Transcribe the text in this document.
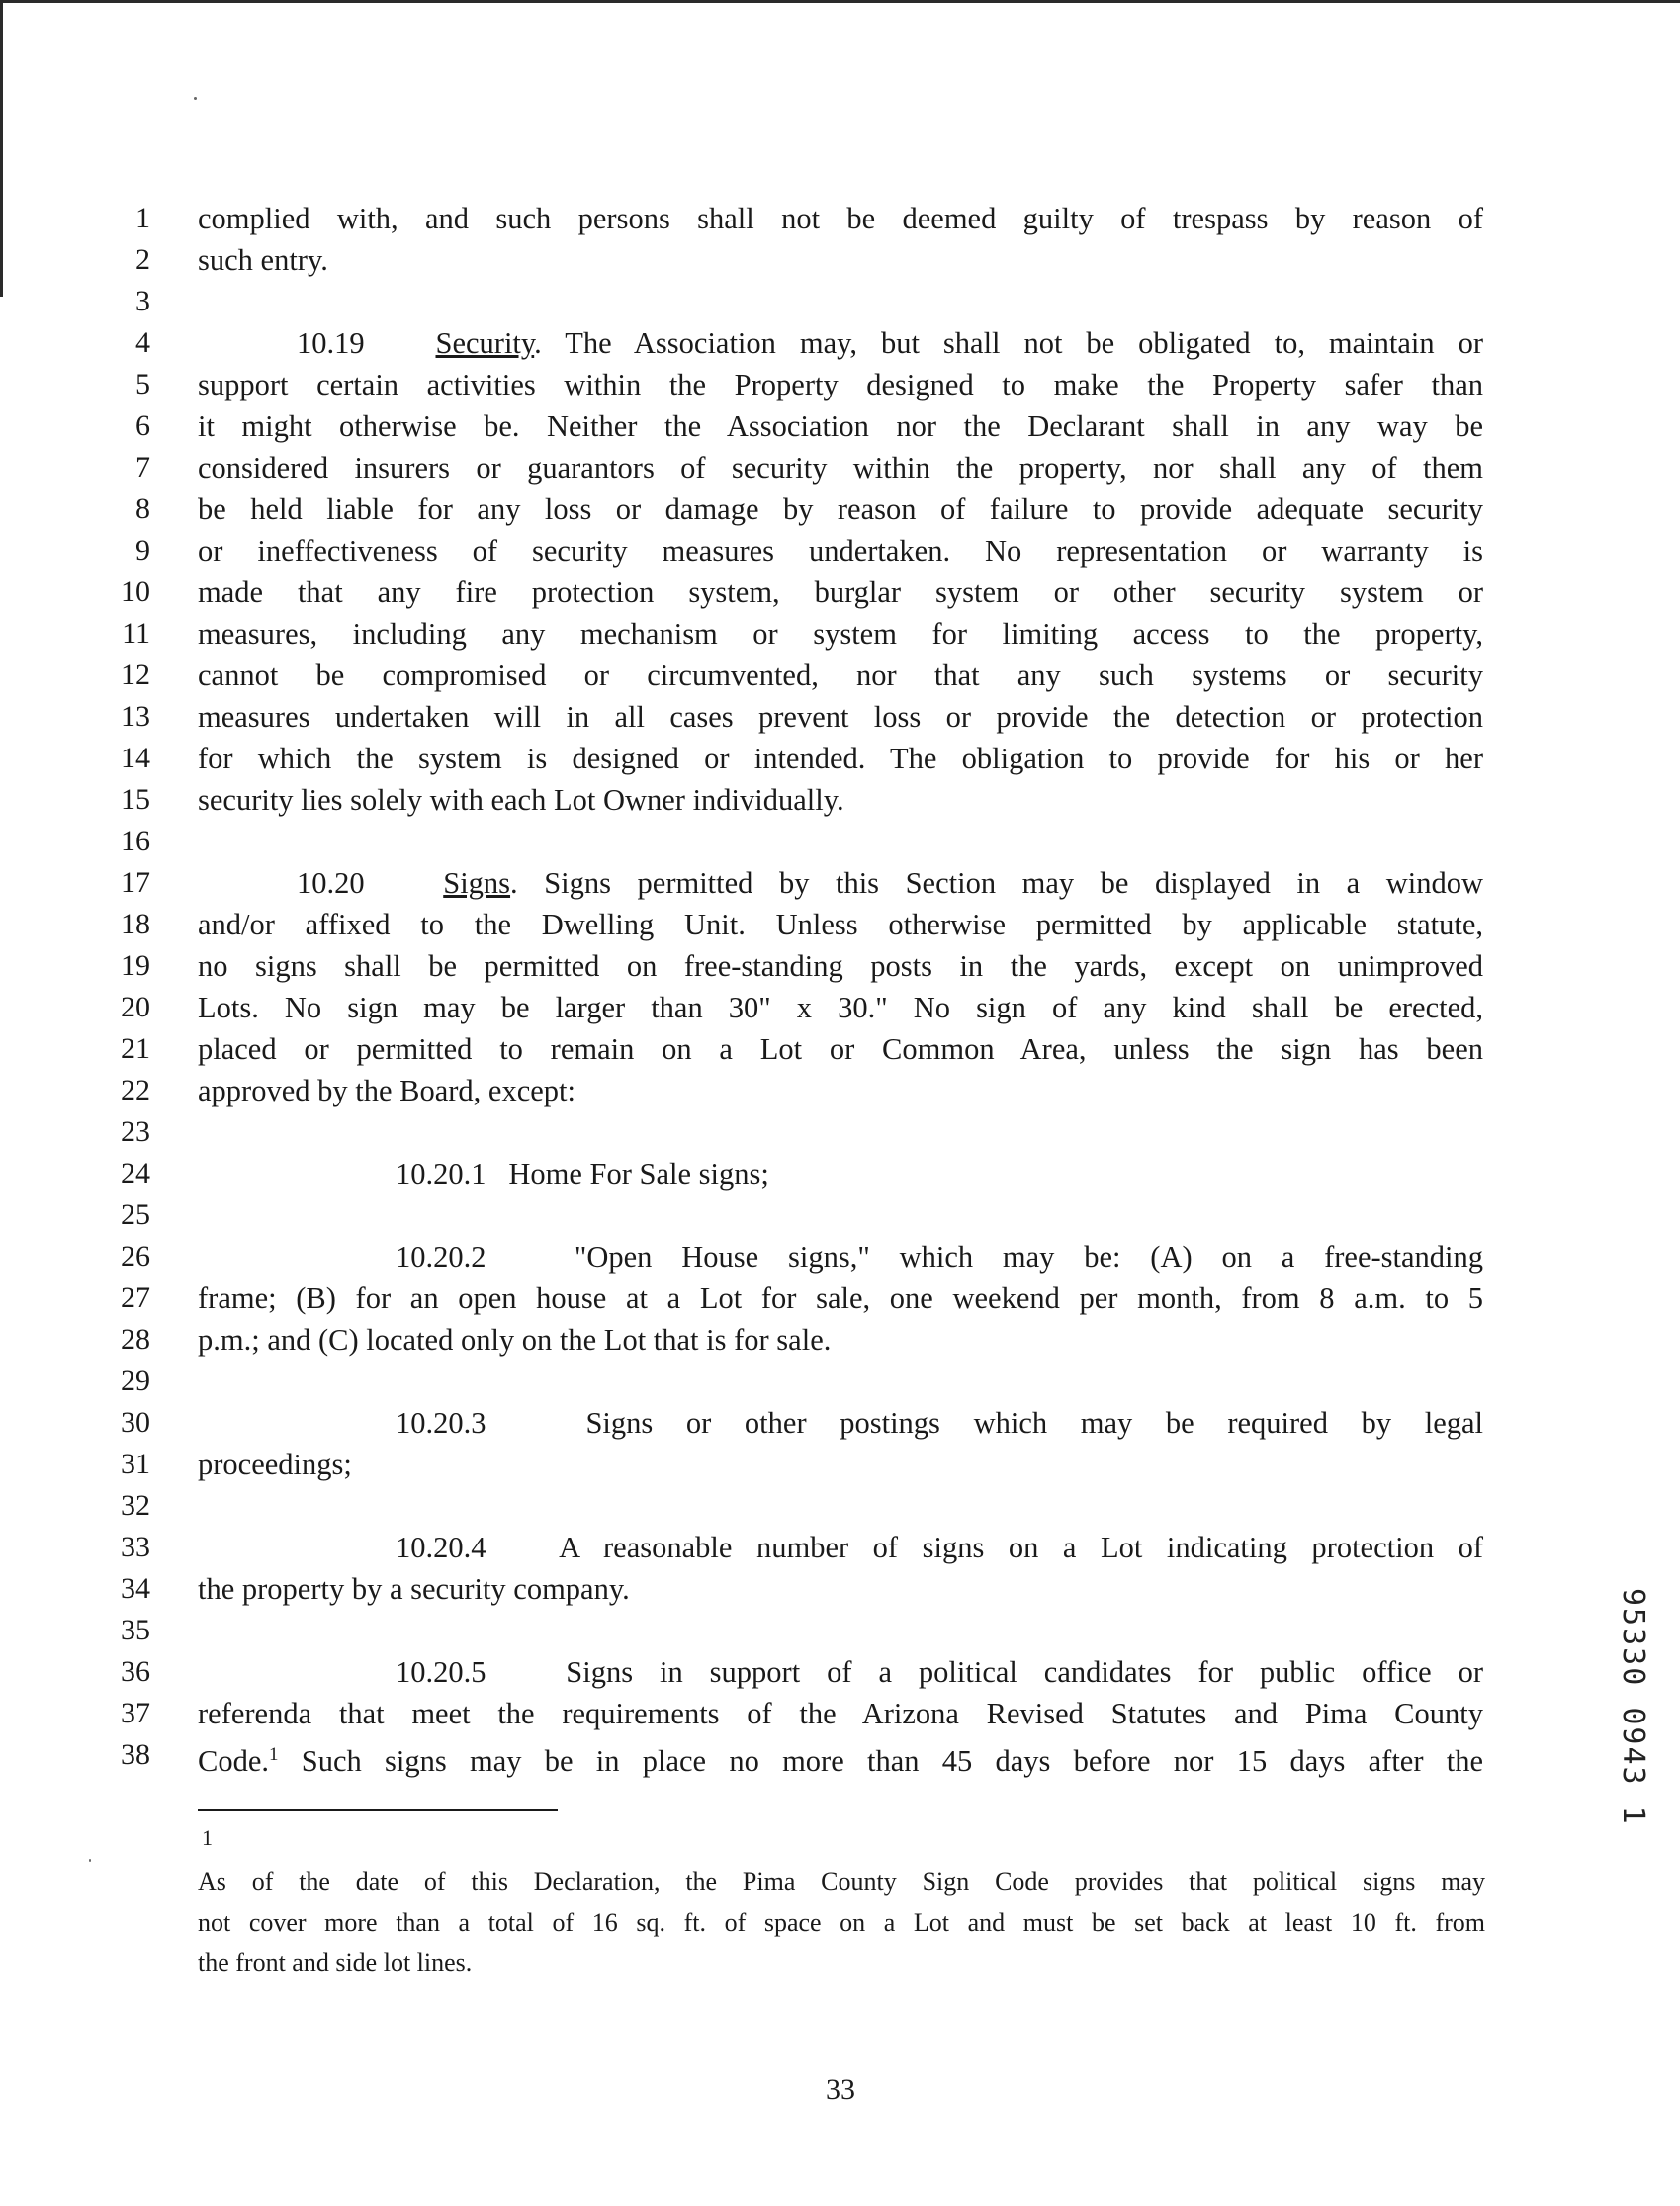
1
2
3
4
5
6
7
8
9
10
11
12
13
14
15
16
17
18
19
20
21
22
23
24
25
26
27
28
29
30
31
32
33
34
35
36
37
38
complied with, and such persons shall not be deemed guilty of trespass by reason of
such entry.
10.19 Security. The Association may, but shall not be obligated to, maintain or
support certain activities within the Property designed to make the Property safer than
it might otherwise be. Neither the Association nor the Declarant shall in any way be
considered insurers or guarantors of security within the property, nor shall any of them
be held liable for any loss or damage by reason of failure to provide adequate security
or ineffectiveness of security measures undertaken. No representation or warranty is
made that any fire protection system, burglar system or other security system or
measures, including any mechanism or system for limiting access to the property,
cannot be compromised or circumvented, nor that any such systems or security
measures undertaken will in all cases prevent loss or provide the detection or protection
for which the system is designed or intended. The obligation to provide for his or her
security lies solely with each Lot Owner individually.
10.20	Signs. Signs permitted by this Section may be displayed in a window
and/or affixed to the Dwelling Unit. Unless otherwise permitted by applicable statute,
no signs shall be permitted on free-standing posts in the yards, except on unimproved
Lots. No sign may be larger than 30" x 30." No sign of any kind shall be erected,
placed or permitted to remain on a Lot or Common Area, unless the sign has been
approved by the Board, except:
10.20.1 Home For Sale signs;
10.20.2	"Open House signs," which may be: (A) on a free-standing
frame; (B) for an open house at a Lot for sale, one weekend per month, from 8 a.m. to 5
p.m.; and (C) located only on the Lot that is for sale.
10.20.3	Signs or other postings which may be required by legal
proceedings;
10.20.4 A reasonable number of signs on a Lot indicating protection of
the property by a security company.
10.20.5	Signs in support of a political candidates for public office or
referenda that meet the requirements of the Arizona Revised Statutes and Pima County
Code.$^1$ Such signs may be in place no more than 45 days before nor 15 days after the
1
As of the date of this Declaration, the Pima County Sign Code provides that political signs may
not cover more than a total of 16 sq. ft. of space on a Lot and must be set back at least 10 ft. from
the front and side lot lines.
33
95330 0943 1
